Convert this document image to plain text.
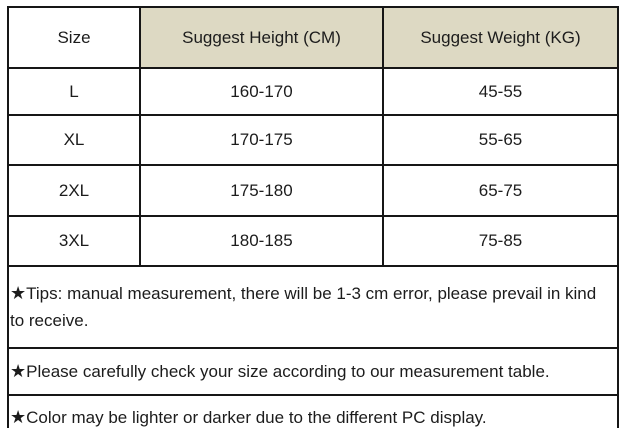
Size	Suggest Height (CM)	Suggest Weight (KG)
L	160-170	45-55
XL	170-175	55-65
2XL	175-180	65-75
3XL	180-185	75-85
★Tips: manual measurement, there will be 1-3 cm error, please prevail in kind to receive.		
★Please carefully check your size according to our measurement table.		
★Color may be lighter or darker due to the different PC display.		
